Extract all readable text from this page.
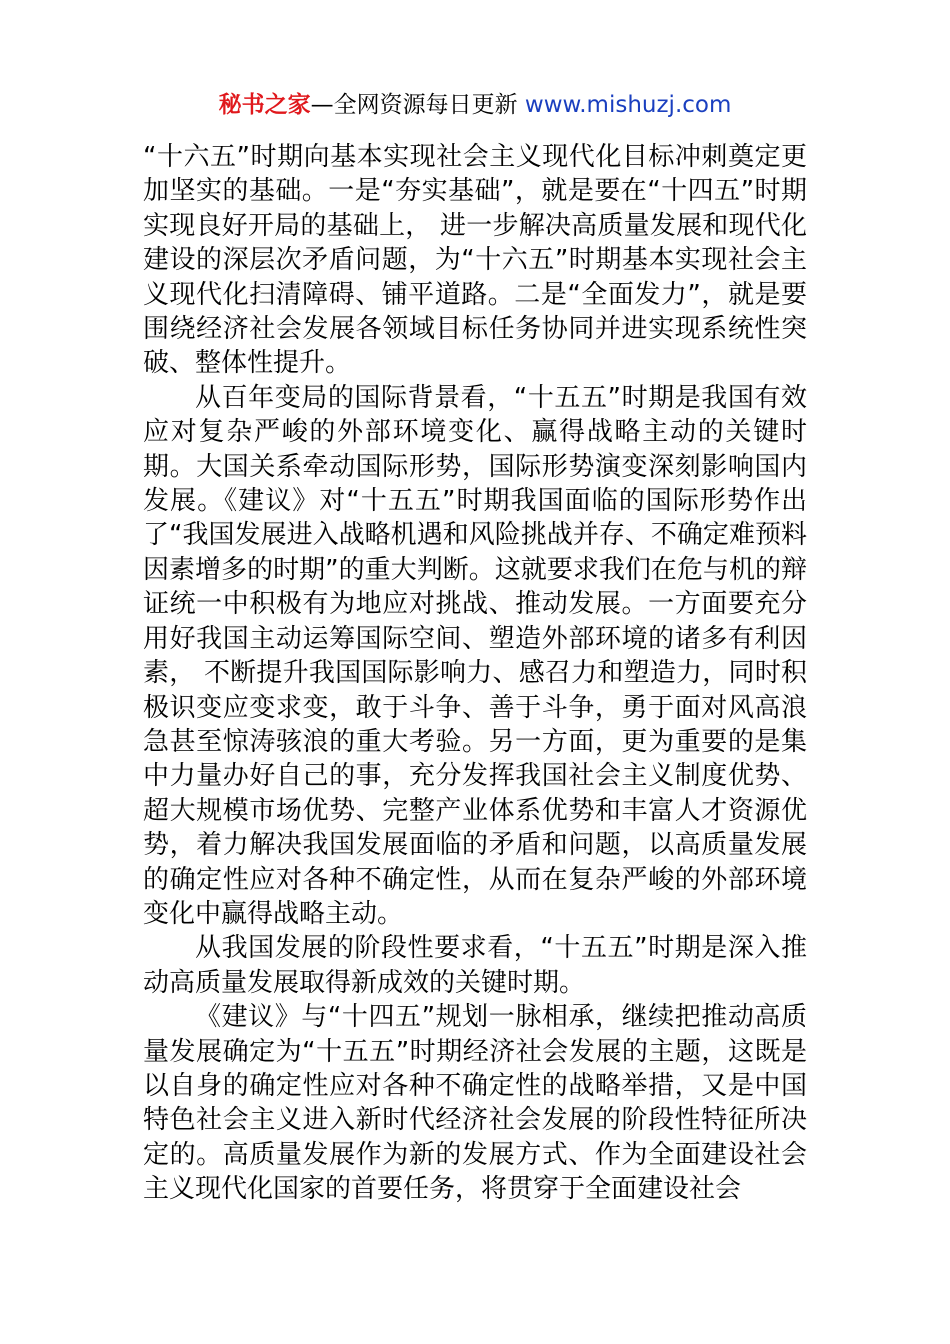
秘书之家—全网资源每日更新 www.mishuzj.com

“十六五”时期向基本实现社会主义现代化目标冲刺奠定更加坚实的基础。一是“夯实基础”，就是要在“十四五”时期实现良好开局的基础上， 进一步解决高质量发展和现代化建设的深层次矛盾问题，为“十六五”时期基本实现社会主义现代化扫清障碍、铺平道路。二是“全面发力”，就是要围绕经济社会发展各领域目标任务协同并进实现系统性突破、整体性提升。

从百年变局的国际背景看，“十五五”时期是我国有效应对复杂严峻的外部环境变化、赢得战略主动的关键时期。大国关系牵动国际形势，国际形势演变深刻影响国内发展。《建议》对“十五五”时期我国面临的国际形势作出了“我国发展进入战略机遇和风险挑战并存、不确定难预料因素增多的时期”的重大判断。这就要求我们在危与机的辩证统一中积极有为地应对挑战、推动发展。一方面要充分用好我国主动运筹国际空间、塑造外部环境的诸多有利因素， 不断提升我国国际影响力、感召力和塑造力，同时积极识变应变求变，敢于斗争、善于斗争，勇于面对风高浪急甚至惊涛骇浪的重大考验。另一方面，更为重要的是集中力量办好自己的事，充分发挥我国社会主义制度优势、超大规模市场优势、完整产业体系优势和丰富人才资源优势，着力解决我国发展面临的矛盾和问题，以高质量发展的确定性应对各种不确定性，从而在复杂严峻的外部环境变化中赢得战略主动。

从我国发展的阶段性要求看，“十五五”时期是深入推动高质量发展取得新成效的关键时期。

《建议》与“十四五”规划一脉相承，继续把推动高质量发展确定为“十五五”时期经济社会发展的主题，这既是以自身的确定性应对各种不确定性的战略举措，又是中国特色社会主义进入新时代经济社会发展的阶段性特征所决定的。高质量发展作为新的发展方式、作为全面建设社会主义现代化国家的首要任务，将贯穿于全面建设社会
